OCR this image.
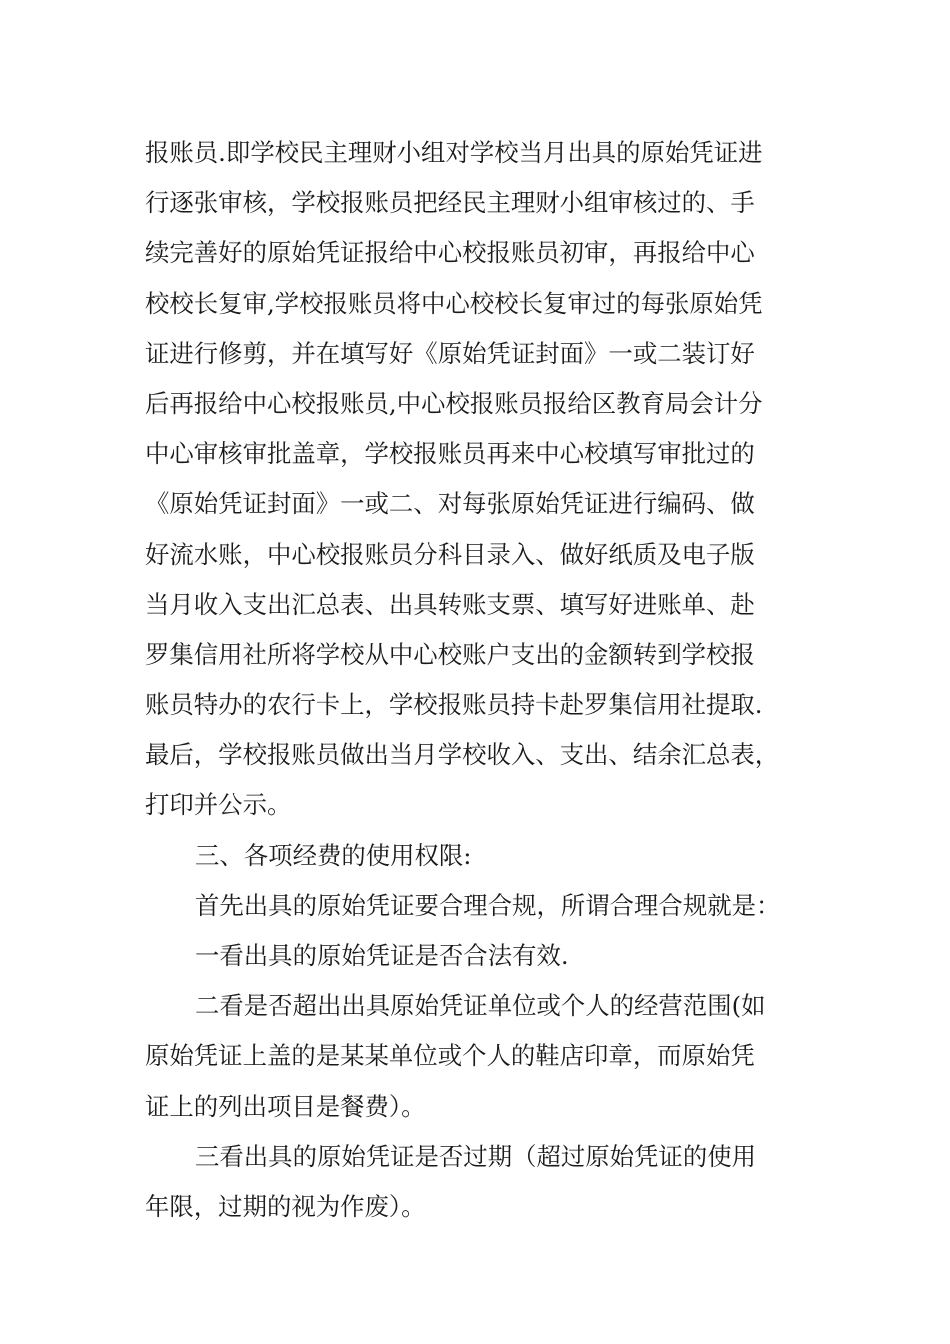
报账员.即学校民主理财小组对学校当月出具的原始凭证进
行逐张审核，学校报账员把经民主理财小组审核过的、手
续完善好的原始凭证报给中心校报账员初审，再报给中心
校校长复审,学校报账员将中心校校长复审过的每张原始凭
证进行修剪，并在填写好《原始凭证封面》一或二装订好
后再报给中心校报账员,中心校报账员报给区教育局会计分
中心审核审批盖章，学校报账员再来中心校填写审批过的
《原始凭证封面》一或二、对每张原始凭证进行编码、做
好流水账，中心校报账员分科目录入、做好纸质及电子版
当月收入支出汇总表、出具转账支票、填写好进账单、赴
罗集信用社所将学校从中心校账户支出的金额转到学校报
账员特办的农行卡上，学校报账员持卡赴罗集信用社提取.
最后，学校报账员做出当月学校收入、支出、结余汇总表，
打印并公示。

三、各项经费的使用权限:

首先出具的原始凭证要合理合规，所谓合理合规就是：

一看出具的原始凭证是否合法有效.

二看是否超出出具原始凭证单位或个人的经营范围(如
原始凭证上盖的是某某单位或个人的鞋店印章，而原始凭
证上的列出项目是餐费）。

三看出具的原始凭证是否过期（超过原始凭证的使用
年限，过期的视为作废）。
